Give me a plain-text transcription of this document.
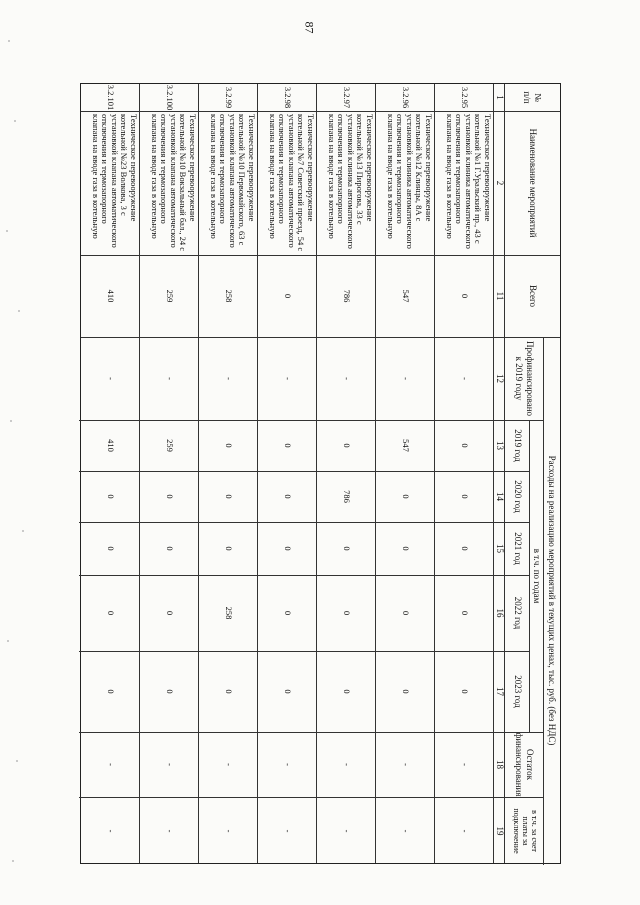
87
№
п/п
Наименование мероприятий
Всего
Расходы на реализацию мероприятий в текущих ценах, тыс. руб. (без НДС)
Профинансировано к 2019 году
в т.ч. по годам
2019 год
2020 год
2021 год
2022 год
2023 год
Остаток финансирования
в т.ч. за счет платы за подключение
1
2
11
12
13
14
15
16
17
18
19
3.2.95
Техническое перевооружение котельной №1 Г.Уральский пр., 43 с установкой клиника автоматического отключения и термозапорного клапана на вводе газа в котельную
0
-
0
0
0
0
0
-
-
3.2.96
Техническое перевооружение котельной №12 Клинцы, 8А с установкой клиника автоматического отключения и термозапорного клапана на вводе газа в котельную
547
-
547
0
0
0
0
-
-
3.2.97
Техническое перевооружение котельной №13 Пирогова, 33 с установкой клиника автоматического отключения и термозапорного клапана на вводе газа в котельную
786
-
0
786
0
0
0
-
-
3.2.98
Техническое перевооружение котельной №7 Советский проезд, 54 с установкой клапана автоматического отключения и термозапорного клапана на вводе газа в котельную
0
-
0
0
0
0
0
-
-
3.2.99
Техническое перевооружение котельной №10 Первомайского, 63 с установкой клапана автоматического отключения и термозапорного клапана на вводе газа в котельную
258
-
0
0
0
258
0
-
-
3.2.100
Техническое перевооружение котельной №10 Вокзальный бал., 24 с установкой клапана автоматического отключения и термозапорного клапана на вводе газа в котельную
259
-
259
0
0
0
0
-
-
3.2.101
Техническое перевооружение котельной №23 Волкова, 3 с установкой клапана автоматического отключения и термозапорного клапана на вводе газа в котельную
410
-
410
0
0
0
0
-
-
